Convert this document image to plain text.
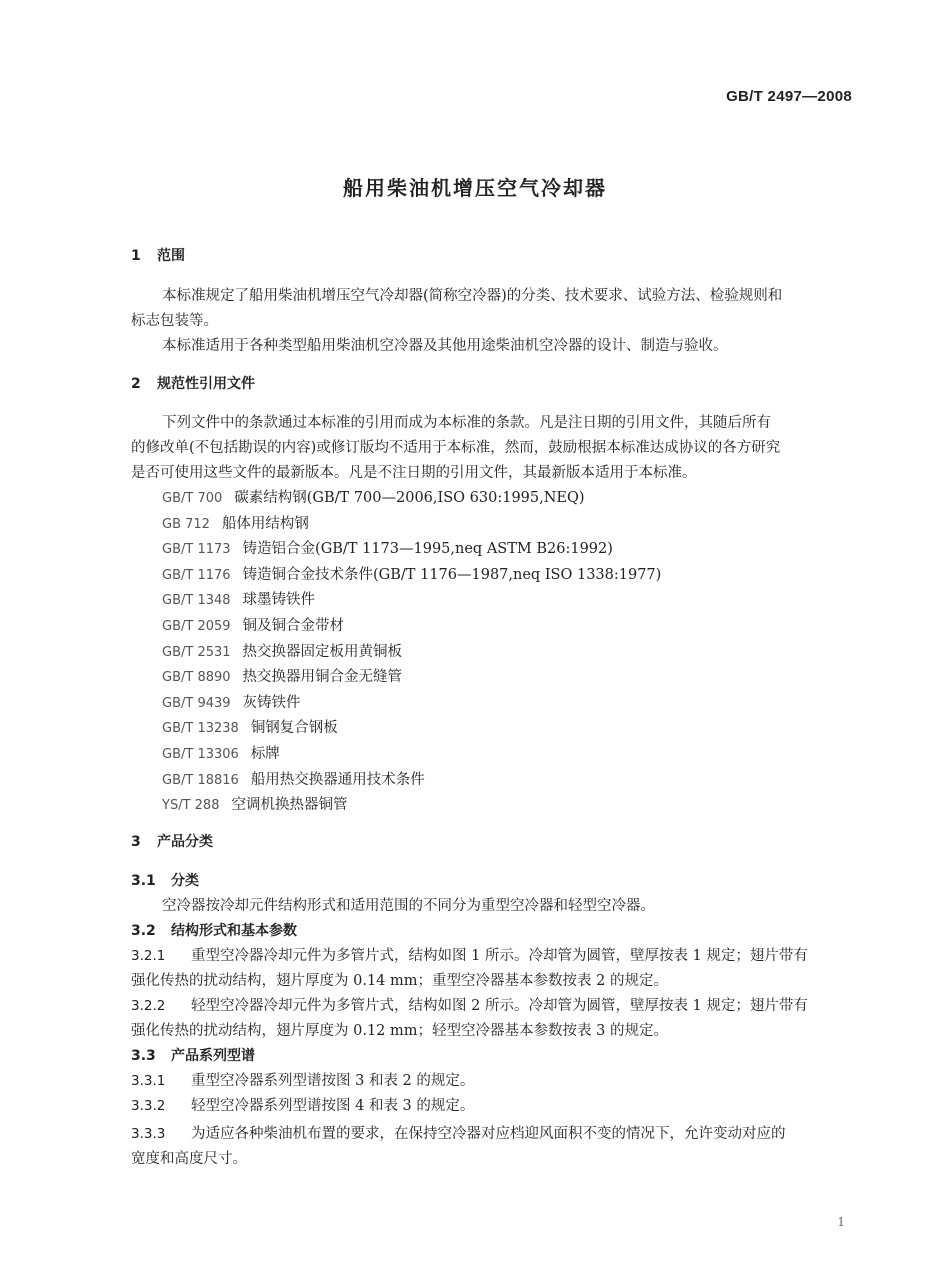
GB/T 2497—2008
船用柴油机增压空气冷却器
1 范围
本标准规定了船用柴油机增压空气冷却器(简称空冷器)的分类、技术要求、试验方法、检验规则和
标志包装等。
本标准适用于各种类型船用柴油机空冷器及其他用途柴油机空冷器的设计、制造与验收。
2 规范性引用文件
下列文件中的条款通过本标准的引用而成为本标准的条款。凡是注日期的引用文件，其随后所有
的修改单(不包括勘误的内容)或修订版均不适用于本标准，然而，鼓励根据本标准达成协议的各方研究
是否可使用这些文件的最新版本。凡是不注日期的引用文件，其最新版本适用于本标准。
GB/T 700 碳素结构钢(GB/T 700—2006,ISO 630:1995,NEQ)
GB 712 船体用结构钢
GB/T 1173 铸造铝合金(GB/T 1173—1995,neq ASTM B26:1992)
GB/T 1176 铸造铜合金技术条件(GB/T 1176—1987,neq ISO 1338:1977)
GB/T 1348 球墨铸铁件
GB/T 2059 铜及铜合金带材
GB/T 2531 热交换器固定板用黄铜板
GB/T 8890 热交换器用铜合金无缝管
GB/T 9439 灰铸铁件
GB/T 13238 铜钢复合钢板
GB/T 13306 标牌
GB/T 18816 船用热交换器通用技术条件
YS/T 288 空调机换热器铜管
3 产品分类
3.1 分类
空冷器按冷却元件结构形式和适用范围的不同分为重型空冷器和轻型空冷器。
3.2 结构形式和基本参数
3.2.1 重型空冷器冷却元件为多管片式，结构如图 1 所示。冷却管为圆管，壁厚按表 1 规定；翅片带有
强化传热的扰动结构，翅片厚度为 0.14 mm；重型空冷器基本参数按表 2 的规定。
3.2.2 轻型空冷器冷却元件为多管片式，结构如图 2 所示。冷却管为圆管，壁厚按表 1 规定；翅片带有
强化传热的扰动结构，翅片厚度为 0.12 mm；轻型空冷器基本参数按表 3 的规定。
3.3 产品系列型谱
3.3.1 重型空冷器系列型谱按图 3 和表 2 的规定。
3.3.2 轻型空冷器系列型谱按图 4 和表 3 的规定。
3.3.3 为适应各种柴油机布置的要求，在保持空冷器对应档迎风面积不变的情况下，允许变动对应的
宽度和高度尺寸。
1
